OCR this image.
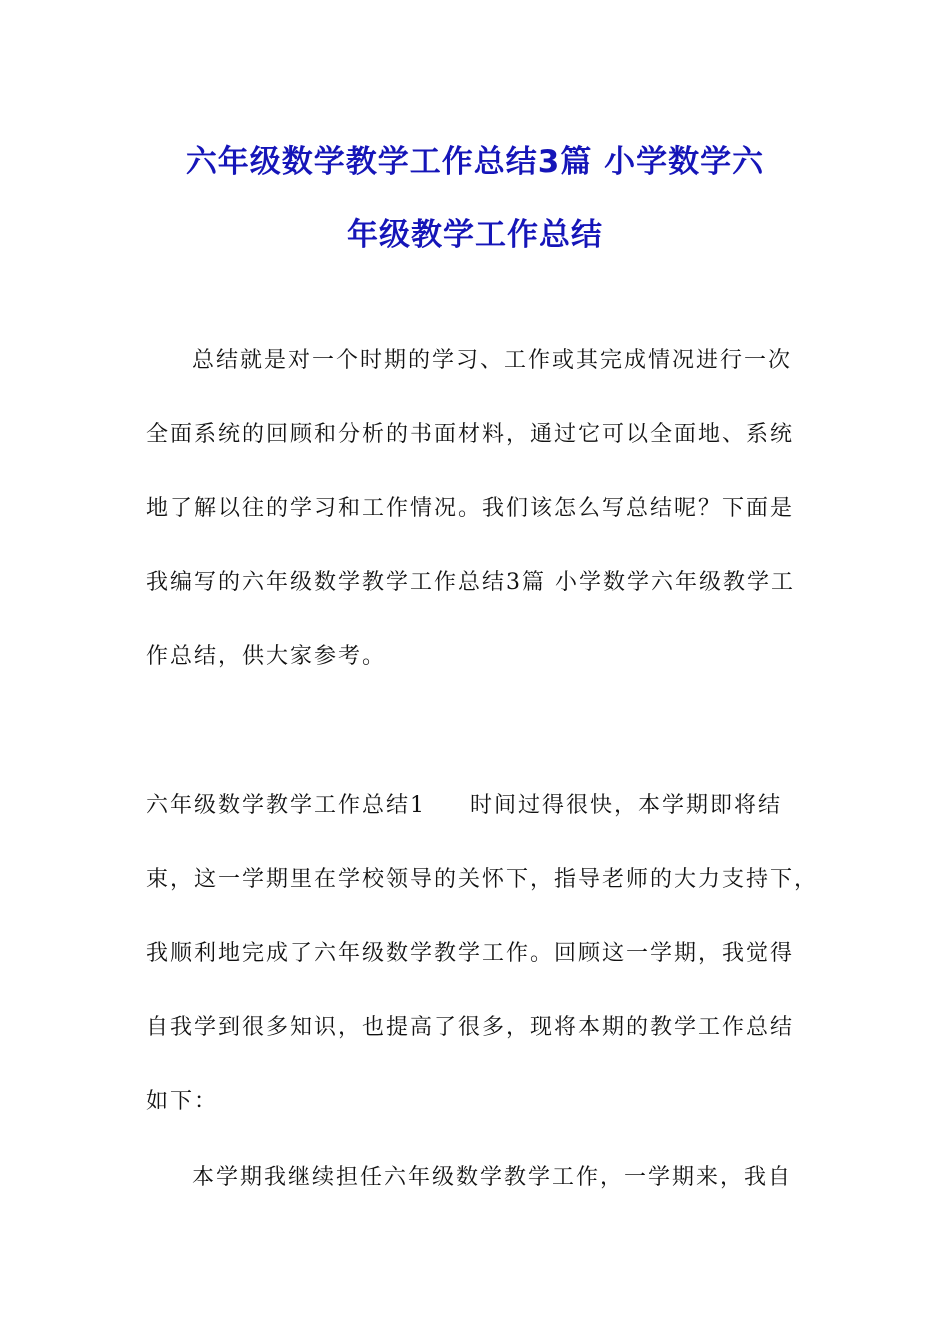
六年级数学教学工作总结3篇 小学数学六
年级教学工作总结
总结就是对一个时期的学习、工作或其完成情况进行一次
全面系统的回顾和分析的书面材料，通过它可以全面地、系统
地了解以往的学习和工作情况。我们该怎么写总结呢？下面是
我编写的六年级数学教学工作总结3篇 小学数学六年级教学工
作总结，供大家参考。
六年级数学教学工作总结1 时间过得很快，本学期即将结
束，这一学期里在学校领导的关怀下，指导老师的大力支持下，
我顺利地完成了六年级数学教学工作。回顾这一学期，我觉得
自我学到很多知识，也提高了很多，现将本期的教学工作总结
如下：
本学期我继续担任六年级数学教学工作，一学期来，我自
